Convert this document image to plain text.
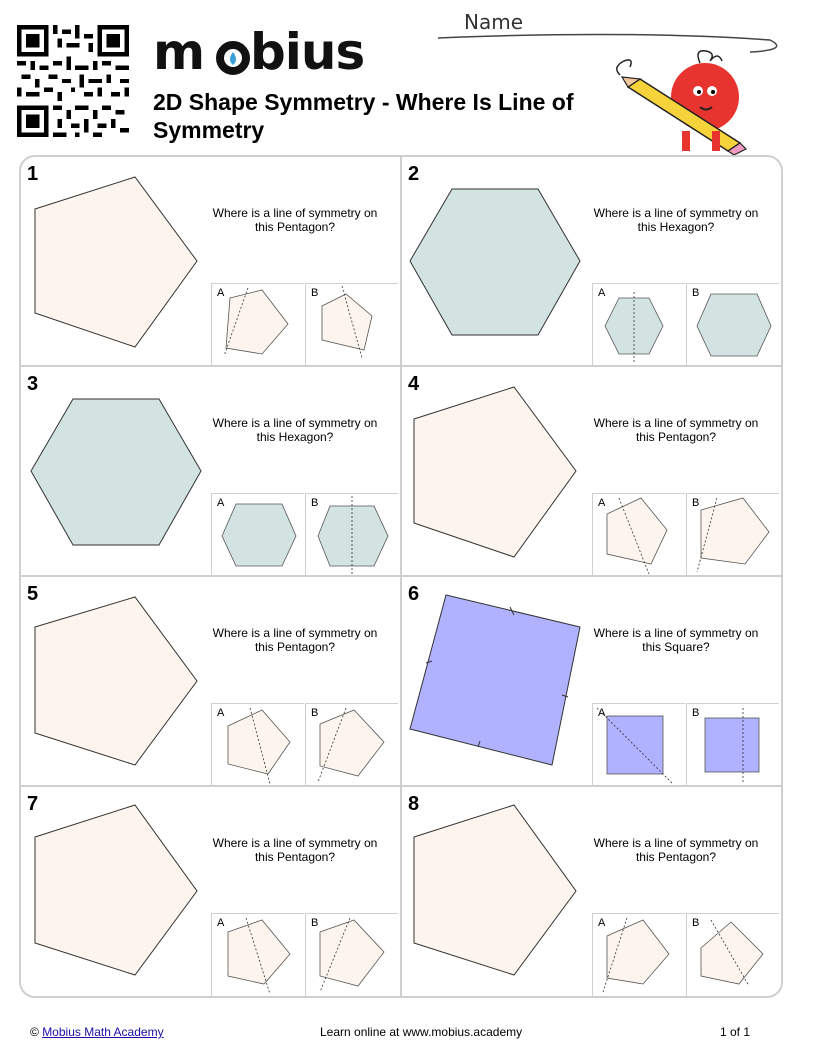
m bius
2D Shape Symmetry - Where Is Line of Symmetry
Name
1
Where is a line of symmetry on this Pentagon?
A	B
2
Where is a line of symmetry on this Hexagon?
A	B
3
Where is a line of symmetry on this Hexagon?
A	B
4
Where is a line of symmetry on this Pentagon?
A	B
5
Where is a line of symmetry on this Pentagon?
A	B
6
Where is a line of symmetry on this Square?
A	B
7
Where is a line of symmetry on this Pentagon?
A	B
8
Where is a line of symmetry on this Pentagon?
A	B
© Mobius Math Academy	Learn online at www.mobius.academy	1 of 1
